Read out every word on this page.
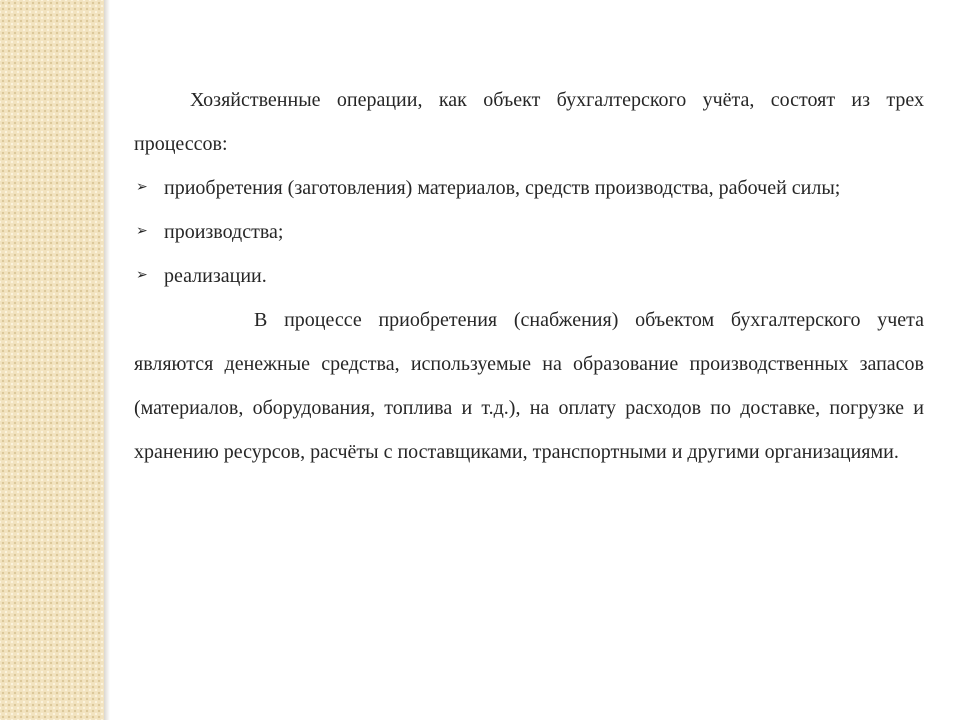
Хозяйственные операции, как объект бухгалтерского учёта, состоят из трех процессов:

➢ приобретения (заготовления) материалов, средств производства, рабочей силы;
➢ производства;
➢ реализации.

В процессе приобретения (снабжения) объектом бухгалтерского учета являются денежные средства, используемые на образование производственных запасов (материалов, оборудования, топлива и т.д.), на оплату расходов по доставке, погрузке и хранению ресурсов, расчёты с поставщиками, транспортными и другими организациями.
